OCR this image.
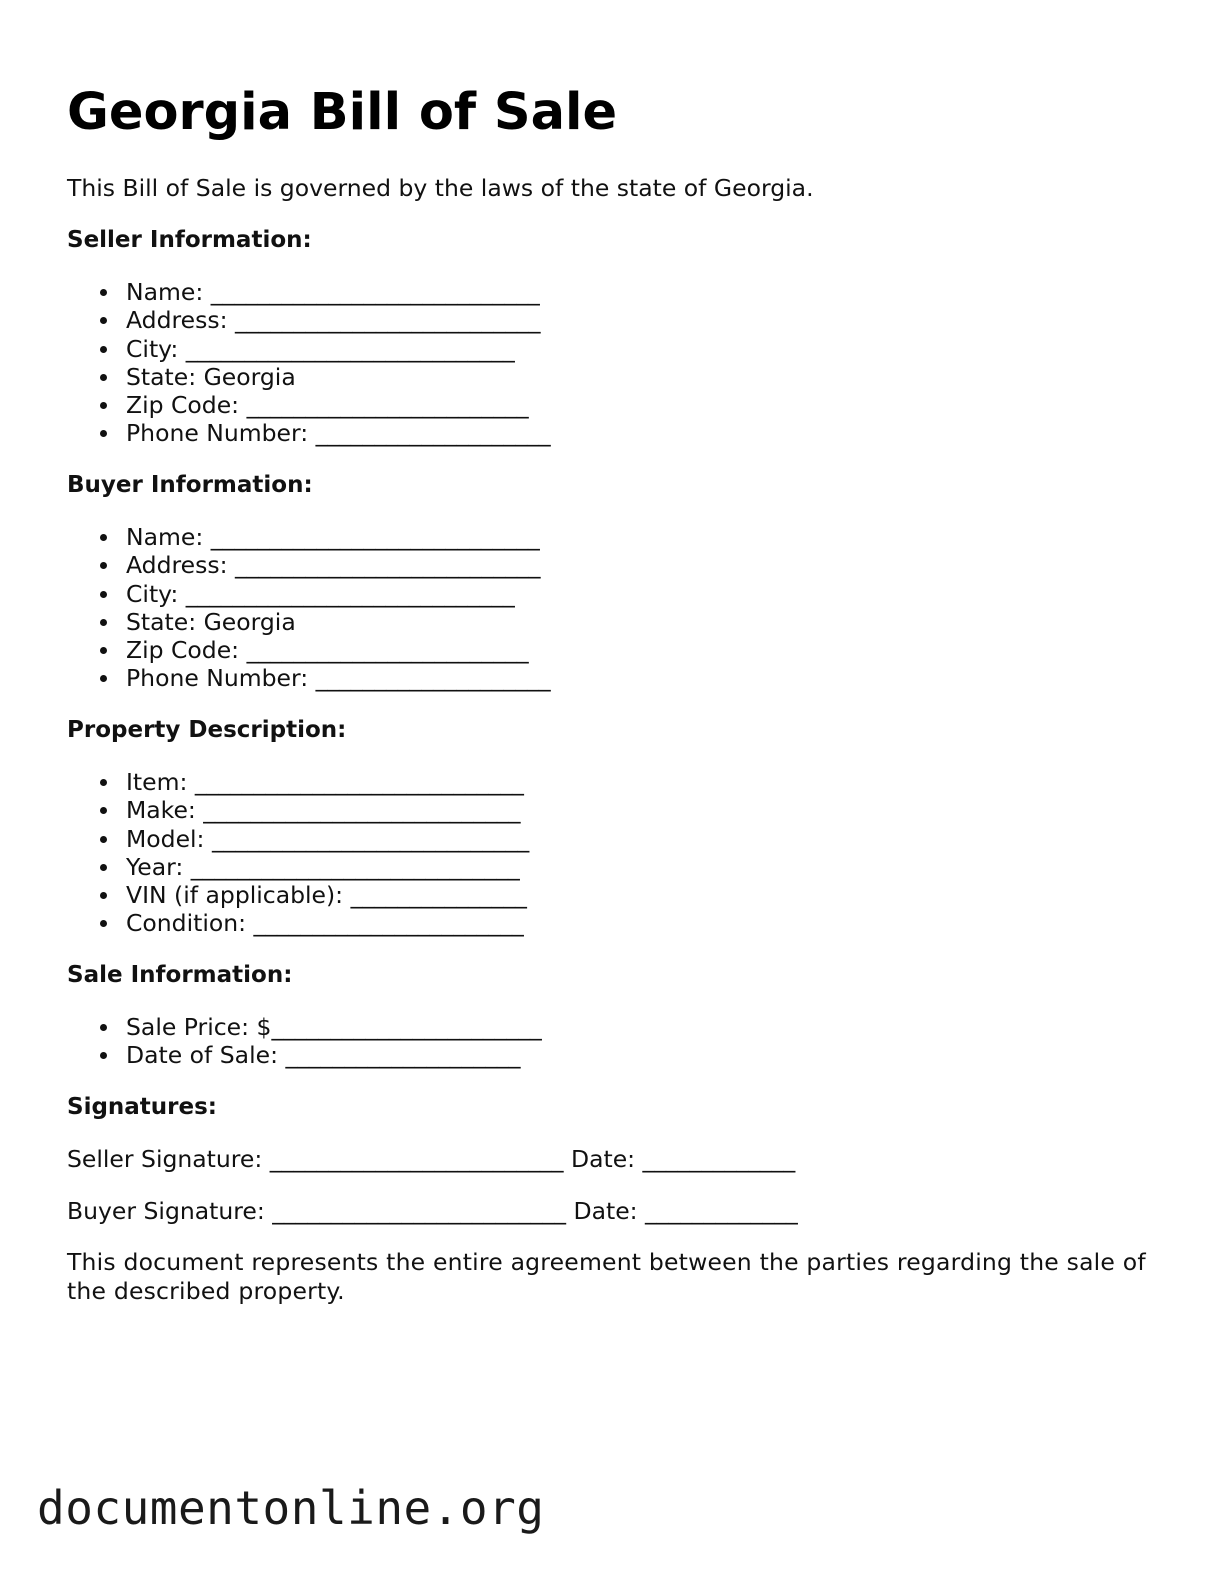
Georgia Bill of Sale

This Bill of Sale is governed by the laws of the state of Georgia.

Seller Information:

Name: ____________________________
Address: __________________________
City: ____________________________
State: Georgia
Zip Code: ________________________
Phone Number: ____________________

Buyer Information:

Name: ____________________________
Address: __________________________
City: ____________________________
State: Georgia
Zip Code: ________________________
Phone Number: ____________________

Property Description:

Item: ____________________________
Make: ___________________________
Model: ___________________________
Year: ____________________________
VIN (if applicable): _______________
Condition: _______________________

Sale Information:

Sale Price: $_______________________
Date of Sale: ____________________

Signatures:

Seller Signature: _________________________ Date: _____________

Buyer Signature: _________________________ Date: _____________

This document represents the entire agreement between the parties regarding the sale of the described property.

documentonline.org
